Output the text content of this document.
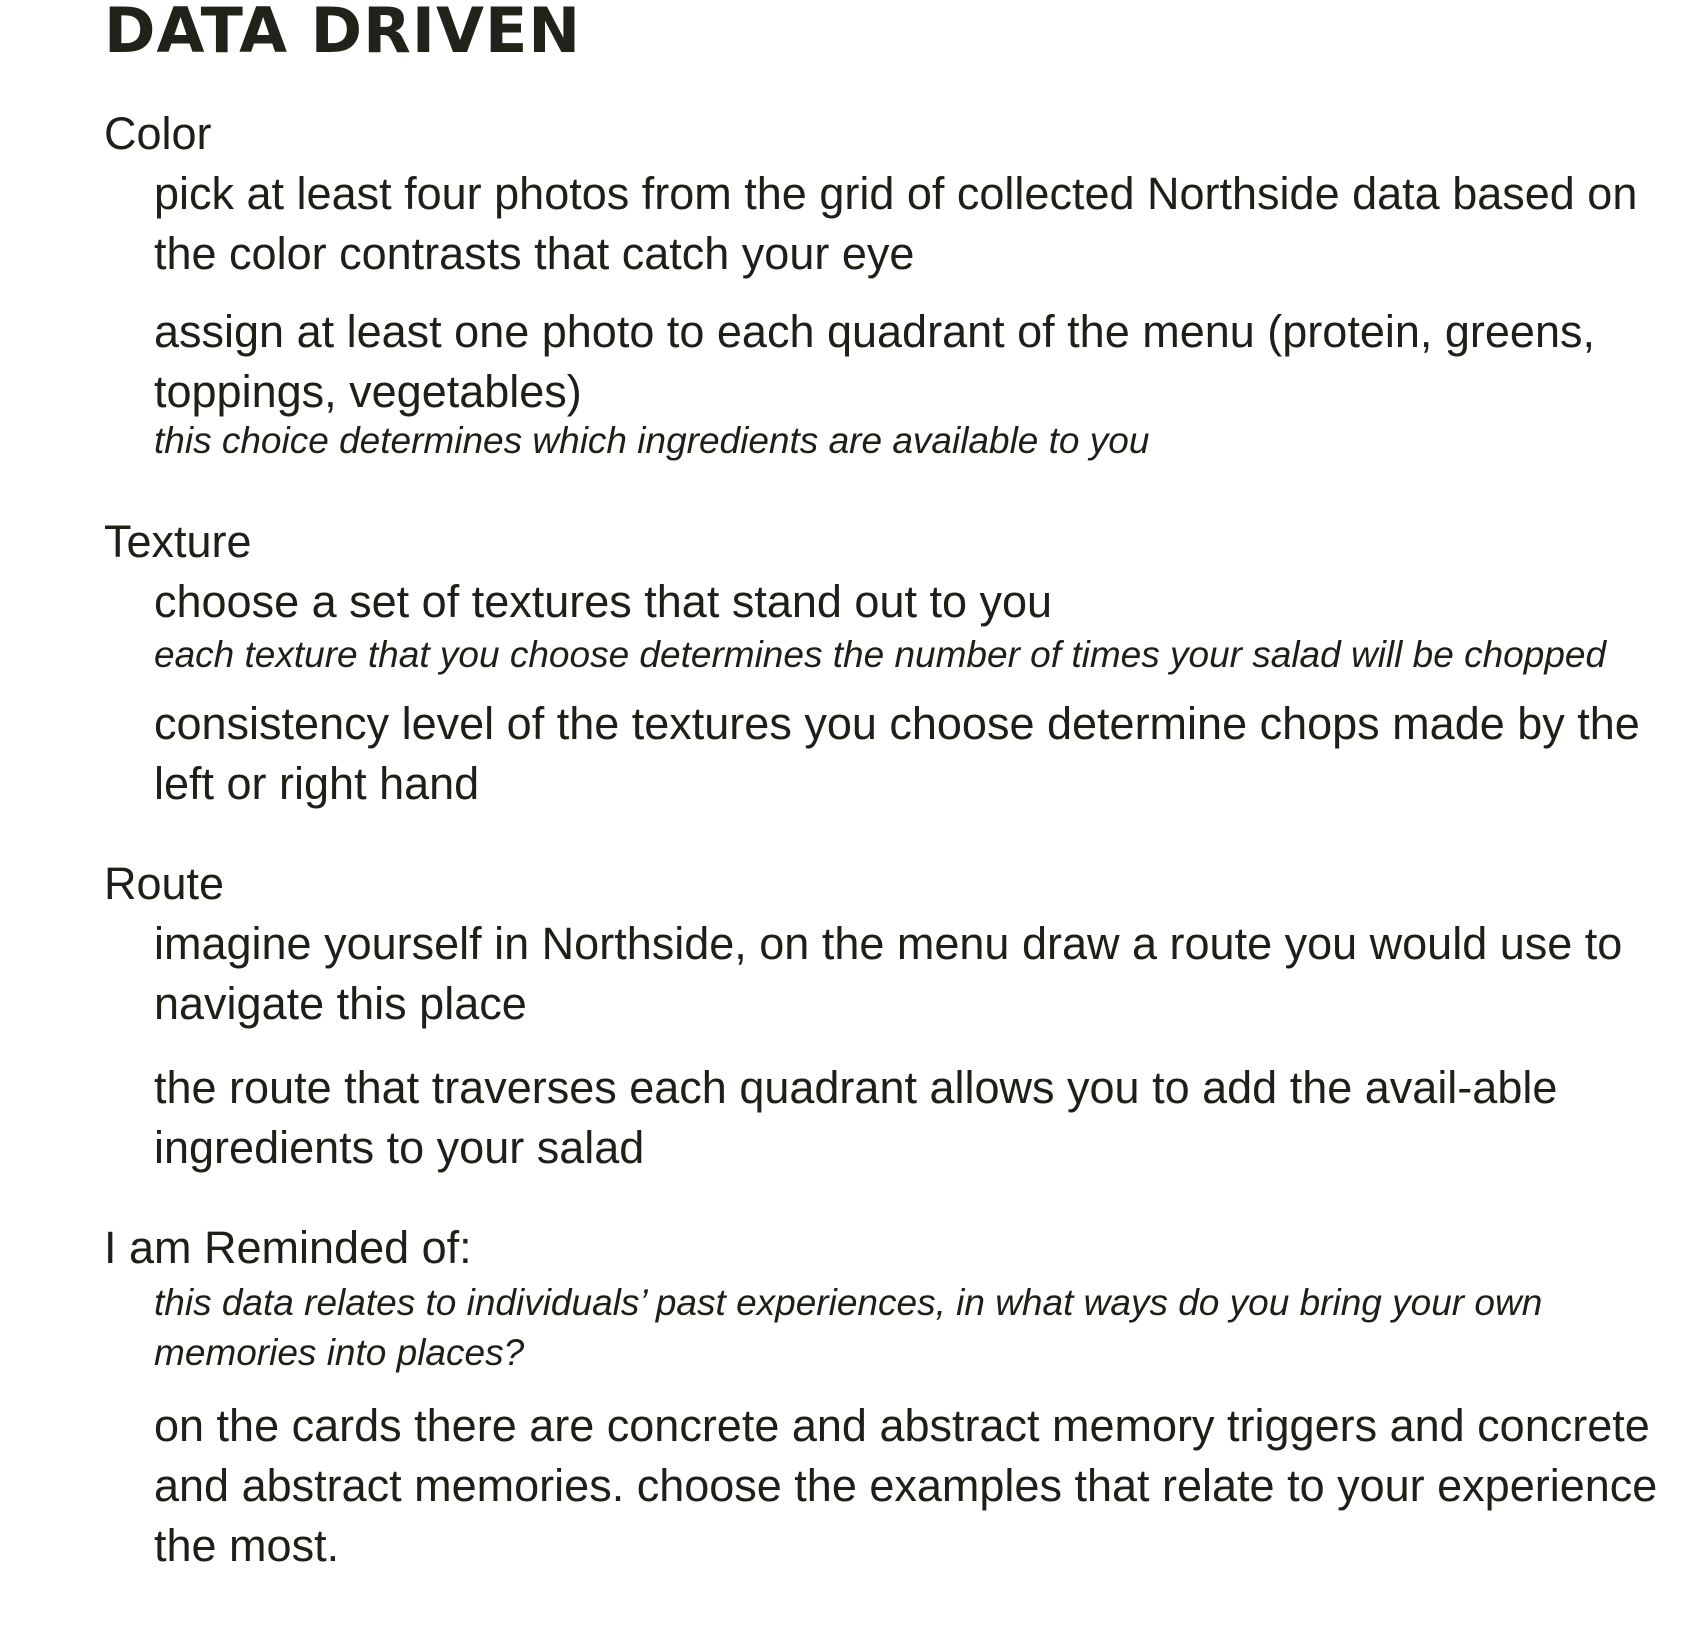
DATA DRIVEN

Color

pick at least four photos from the grid of collected Northside data based on the color contrasts that catch your eye

assign at least one photo to each quadrant of the menu (protein, greens, toppings, vegetables)

this choice determines which ingredients are available to you

Texture

choose a set of textures that stand out to you

each texture that you choose determines the number of times your salad will be chopped

consistency level of the textures you choose determine chops made by the left or right hand

Route

imagine yourself in Northside, on the menu draw a route you would use to navigate this place

the route that traverses each quadrant allows you to add the avail-able ingredients to your salad

I am Reminded of:

this data relates to individuals’ past experiences, in what ways do you bring your own memories into places?

on the cards there are concrete and abstract memory triggers and concrete and abstract memories. choose the examples that relate to your experience the most.
